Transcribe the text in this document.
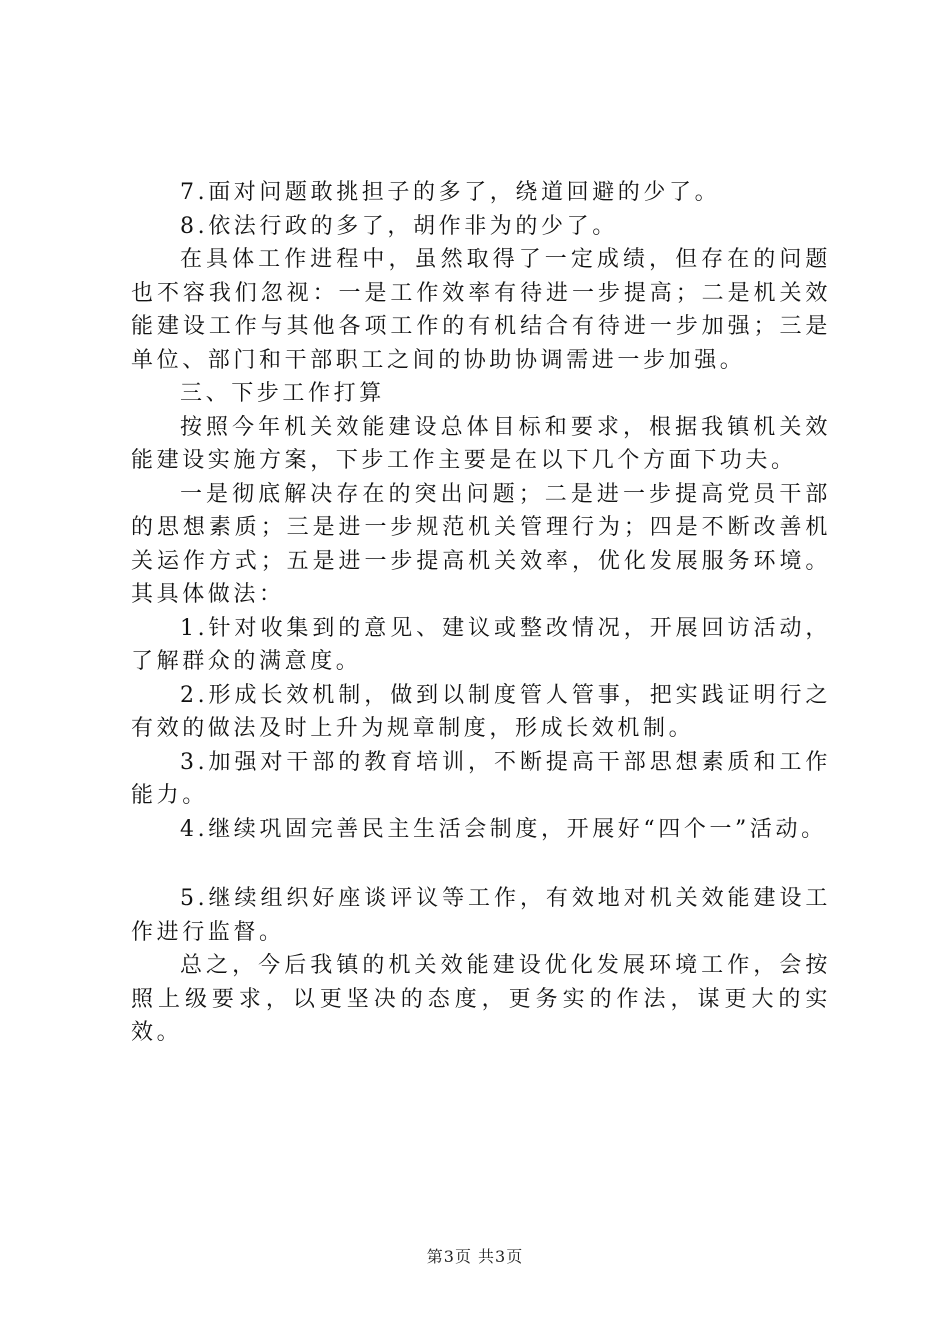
7.面对问题敢挑担子的多了，绕道回避的少了。

8.依法行政的多了，胡作非为的少了。

在具体工作进程中，虽然取得了一定成绩，但存在的问题也不容我们忽视：一是工作效率有待进一步提高；二是机关效能建设工作与其他各项工作的有机结合有待进一步加强；三是单位、部门和干部职工之间的协助协调需进一步加强。

三、下步工作打算

按照今年机关效能建设总体目标和要求，根据我镇机关效能建设实施方案，下步工作主要是在以下几个方面下功夫。

一是彻底解决存在的突出问题；二是进一步提高党员干部的思想素质；三是进一步规范机关管理行为；四是不断改善机关运作方式；五是进一步提高机关效率，优化发展服务环境。其具体做法：

1.针对收集到的意见、建议或整改情况，开展回访活动，了解群众的满意度。

2.形成长效机制，做到以制度管人管事，把实践证明行之有效的做法及时上升为规章制度，形成长效机制。

3.加强对干部的教育培训，不断提高干部思想素质和工作能力。

4.继续巩固完善民主生活会制度，开展好“四个一”活动。

5.继续组织好座谈评议等工作，有效地对机关效能建设工作进行监督。

总之，今后我镇的机关效能建设优化发展环境工作，会按照上级要求，以更坚决的态度，更务实的作法，谋更大的实效。

第3页 共3页
